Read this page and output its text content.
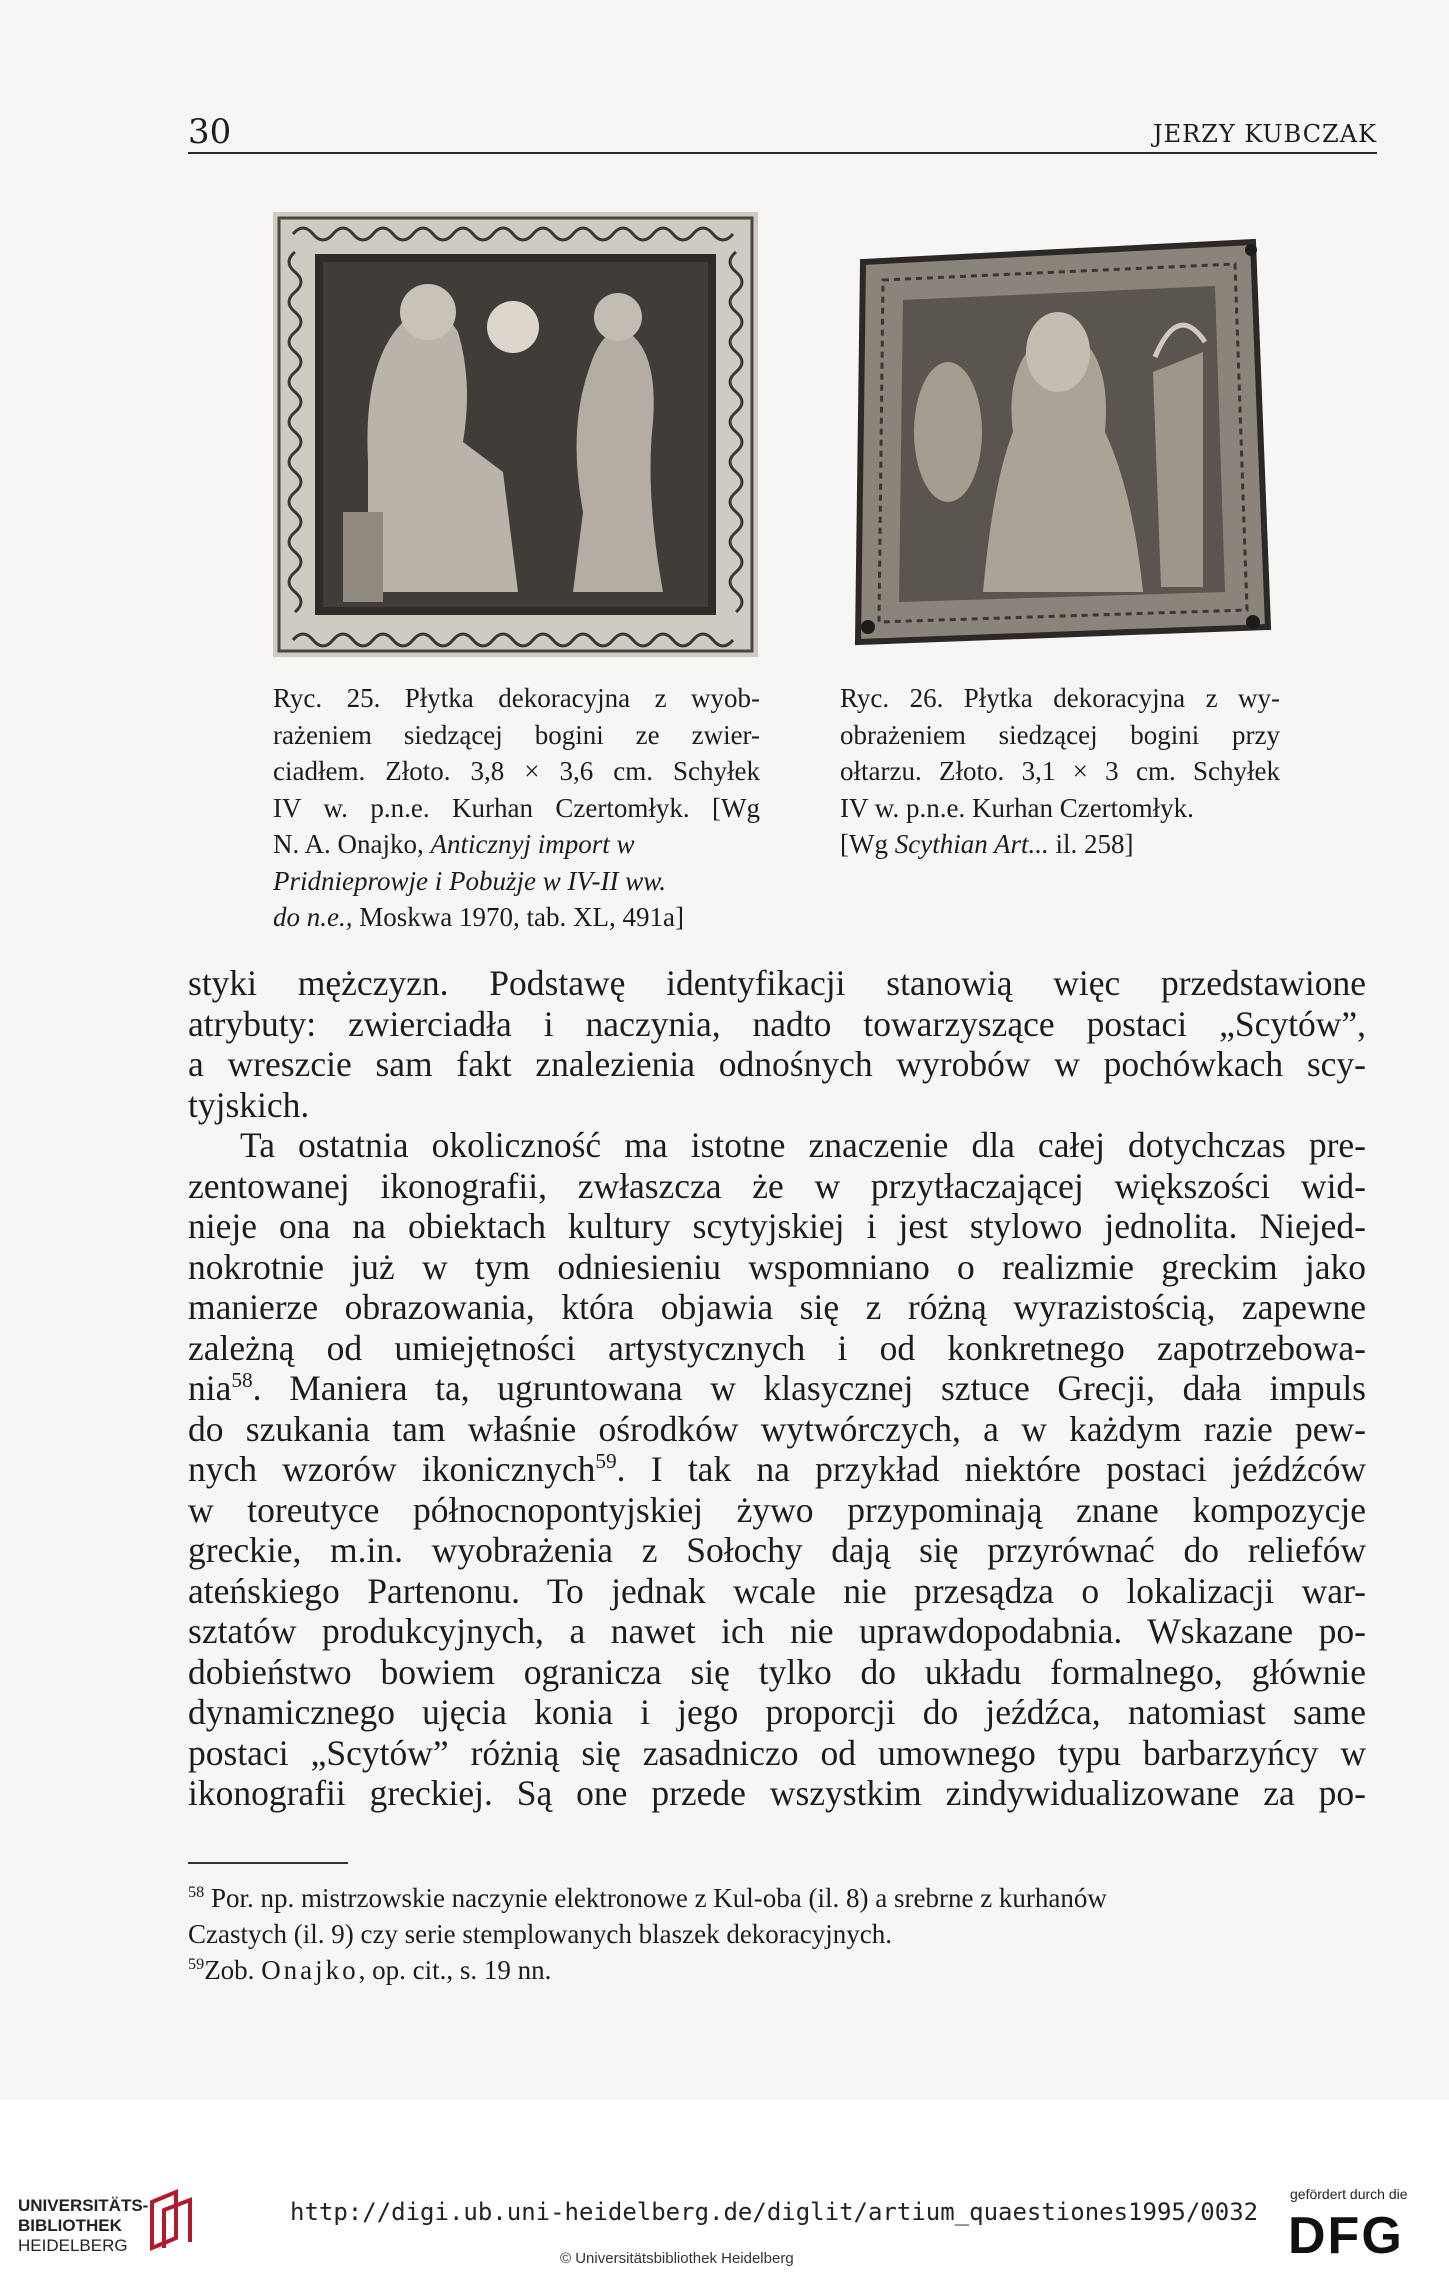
30	JERZY KUBCZAK
Ryc. 25. Płytka dekoracyjna z wyob-
rażeniem siedzącej bogini ze zwier-
ciadłem. Złoto. 3,8 × 3,6 cm. Schyłek
IV w. p.n.e. Kurhan Czertomłyk. [Wg
N. A. Onajko, Anticznyj import w
Pridnieprowje i Pobużje w IV-II ww.
do n.e., Moskwa 1970, tab. XL, 491a]
Ryc. 26. Płytka dekoracyjna z wy-
obrażeniem siedzącej bogini przy
ołtarzu. Złoto. 3,1 × 3 cm. Schyłek
IV w. p.n.e. Kurhan Czertomłyk.
[Wg Scythian Art... il. 258]
styki mężczyzn. Podstawę identyfikacji stanowią więc przedstawione
atrybuty: zwierciadła i naczynia, nadto towarzyszące postaci „Scytów”,
a wreszcie sam fakt znalezienia odnośnych wyrobów w pochówkach scy-
tyjskich.
Ta ostatnia okoliczność ma istotne znaczenie dla całej dotychczas pre-
zentowanej ikonografii, zwłaszcza że w przytłaczającej większości wid-
nieje ona na obiektach kultury scytyjskiej i jest stylowo jednolita. Niejed-
nokrotnie już w tym odniesieniu wspomniano o realizmie greckim jako
manierze obrazowania, która objawia się z różną wyrazistością, zapewne
zależną od umiejętności artystycznych i od konkretnego zapotrzebowa-
nia$^{58}$. Maniera ta, ugruntowana w klasycznej sztuce Grecji, dała impuls
do szukania tam właśnie ośrodków wytwórczych, a w każdym razie pew-
nych wzorów ikonicznych$^{59}$. I tak na przykład niektóre postaci jeźdźców
w toreutyce północnopontyjskiej żywo przypominają znane kompozycje
greckie, m.in. wyobrażenia z Sołochy dają się przyrównać do reliefów
ateńskiego Partenonu. To jednak wcale nie przesądza o lokalizacji war-
sztatów produkcyjnych, a nawet ich nie uprawdopodabnia. Wskazane po-
dobieństwo bowiem ogranicza się tylko do układu formalnego, głównie
dynamicznego ujęcia konia i jego proporcji do jeźdźca, natomiast same
postaci „Scytów” różnią się zasadniczo od umownego typu barbarzyńcy w
ikonografii greckiej. Są one przede wszystkim zindywidualizowane za po-
$^{58}$ Por. np. mistrzowskie naczynie elektronowe z Kul-oba (il. 8) a srebrne z kurhanów
Czastych (il. 9) czy serie stemplowanych blaszek dekoracyjnych.
$^{59}$Zob. Onajko, op. cit., s. 19 nn.
UNIVERSITÄTS-
BIBLIOTHEK
HEIDELBERG
http://digi.ub.uni-heidelberg.de/diglit/artium_quaestiones1995/0032
© Universitätsbibliothek Heidelberg
gefördert durch die
DFG
